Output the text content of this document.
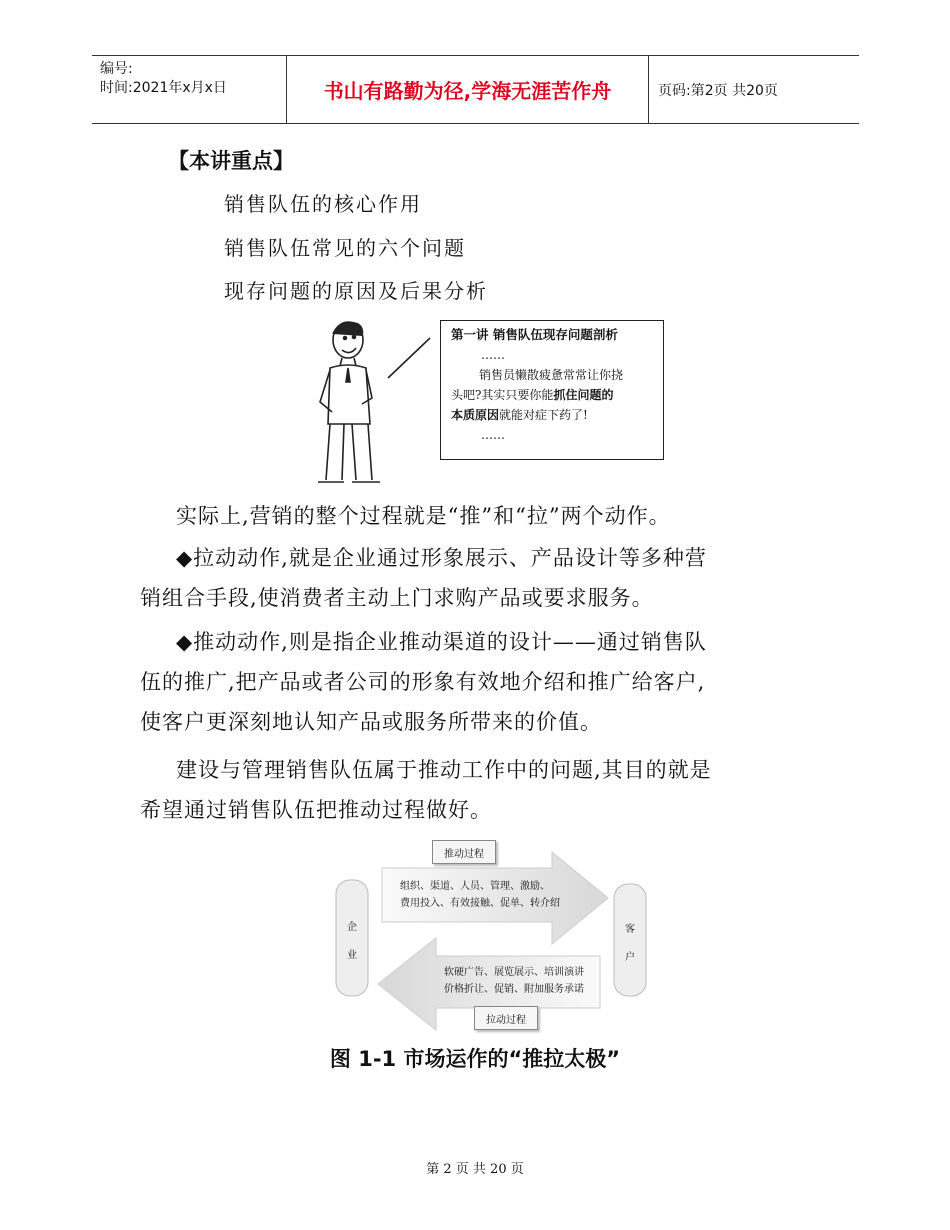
编号:
时间:2021年x月x日	书山有路勤为径,学海无涯苦作舟	页码:第2页 共20页
【本讲重点】
销售队伍的核心作用
销售队伍常见的六个问题
现存问题的原因及后果分析
第一讲 销售队伍现存问题剖析
……
销售员懒散疲惫常常让你挠
头吧?其实只要你能抓住问题的
本质原因就能对症下药了!
……
实际上,营销的整个过程就是“推”和“拉”两个动作。
◆拉动动作,就是企业通过形象展示、产品设计等多种营
销组合手段,使消费者主动上门求购产品或要求服务。
◆推动动作,则是指企业推动渠道的设计——通过销售队
伍的推广,把产品或者公司的形象有效地介绍和推广给客户,
使客户更深刻地认知产品或服务所带来的价值。
建设与管理销售队伍属于推动工作中的问题,其目的就是
希望通过销售队伍把推动过程做好。
推动过程
拉动过程
组织、渠道、人员、管理、激励、
费用投入、有效接触、促单、转介绍
软硬广告、展览展示、培训演讲
价格折让、促销、附加服务承诺
企
业
客
户
图 1-1 市场运作的“推拉太极”
第 2 页 共 20 页
